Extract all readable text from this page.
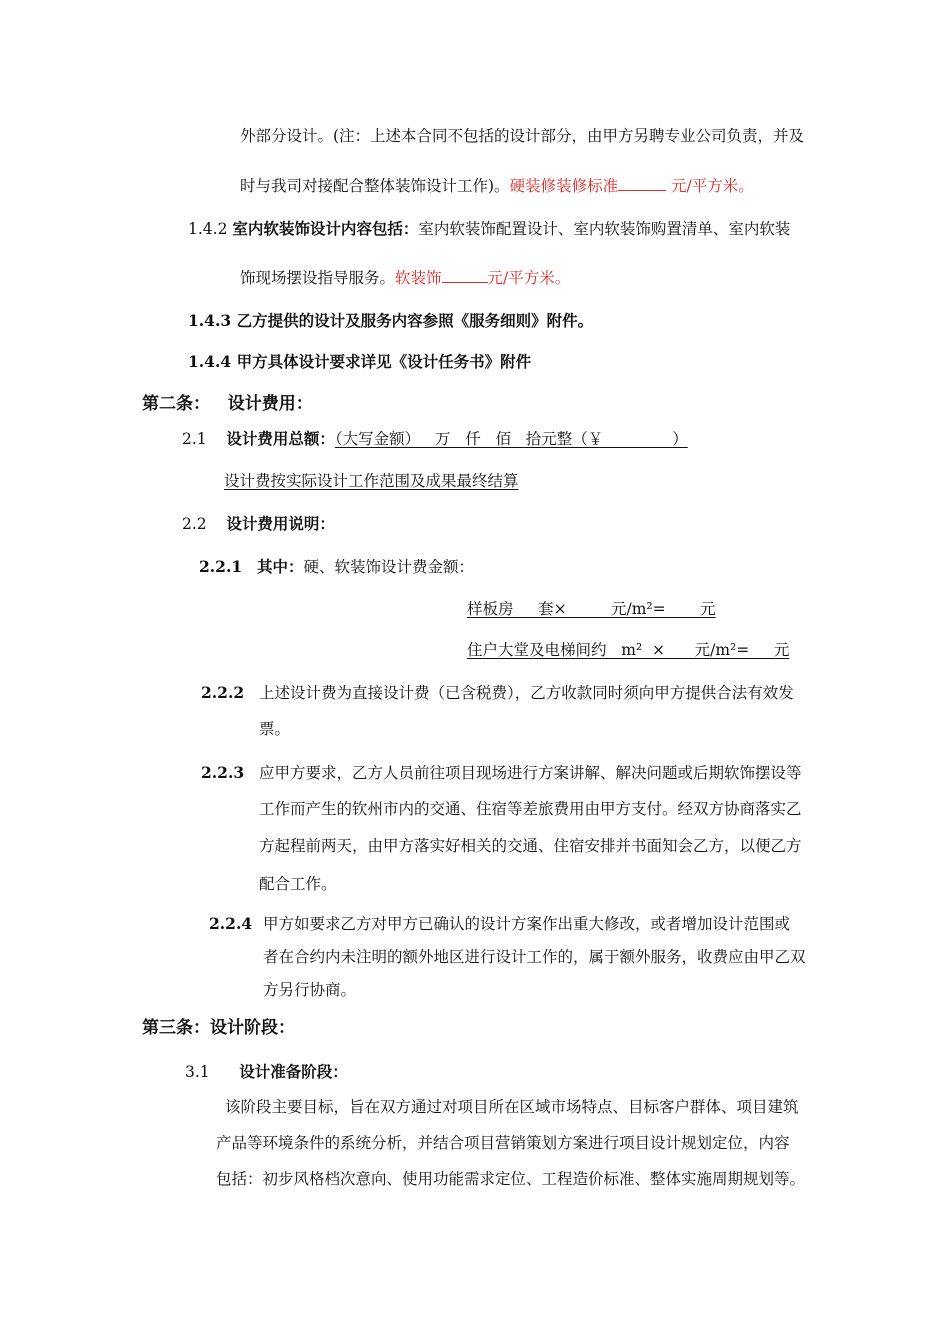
外部分设计。(注：上述本合同不包括的设计部分，由甲方另聘专业公司负责，并及
时与我司对接配合整体装饰设计工作)。硬装修装修标准	元/平方米。
1.4.2 室内软装饰设计内容包括：室内软装饰配置设计、室内软装饰购置清单、室内软装
饰现场摆设指导服务。软装饰	元/平方米。
1.4.3 乙方提供的设计及服务内容参照《服务细则》附件。
1.4.4 甲方具体设计要求详见《设计任务书》附件
第二条： 设计费用：
2.1 设计费用总额：（大写金额）   万   仟   佰   拾元整（￥              ）
设计费按实际设计工作范围及成果最终结算
2.2 设计费用说明：
2.2.1 其中：硬、软装饰设计费金额：
样板房     套×         元/m²=       元
住户大堂及电梯间约   m²  ×      元/m²=     元
2.2.2 上述设计费为直接设计费（已含税费），乙方收款同时须向甲方提供合法有效发
票。
2.2.3 应甲方要求，乙方人员前往项目现场进行方案讲解、解决问题或后期软饰摆设等
工作而产生的钦州市内的交通、住宿等差旅费用由甲方支付。经双方协商落实乙
方起程前两天，由甲方落实好相关的交通、住宿安排并书面知会乙方，以便乙方
配合工作。
2.2.4 甲方如要求乙方对甲方已确认的设计方案作出重大修改，或者增加设计范围或
者在合约内未注明的额外地区进行设计工作的，属于额外服务，收费应由甲乙双
方另行协商。
第三条：设计阶段：
3.1 设计准备阶段：
该阶段主要目标，旨在双方通过对项目所在区域市场特点、目标客户群体、项目建筑
产品等环境条件的系统分析，并结合项目营销策划方案进行项目设计规划定位，内容
包括：初步风格档次意向、使用功能需求定位、工程造价标准、整体实施周期规划等。
